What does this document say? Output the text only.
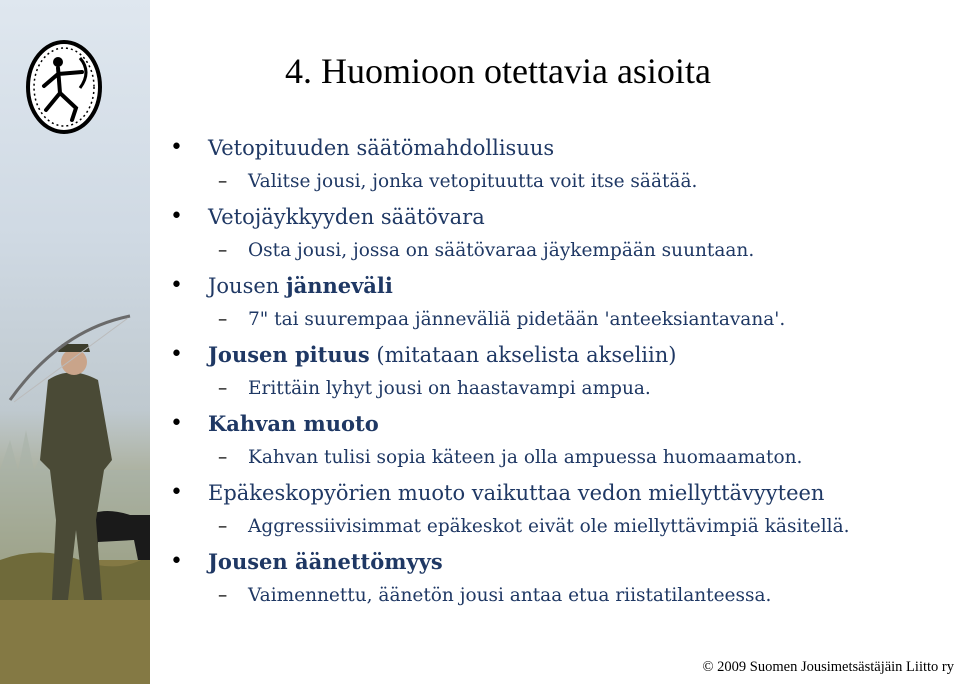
4. Huomioon otettavia asioita
• Vetopituuden säätömahdollisuus
– Valitse jousi, jonka vetopituutta voit itse säätää.
• Vetojäykkyyden säätövara
– Osta jousi, jossa on säätövaraa jäykempään suuntaan.
• Jousen jänneväli
– 7" tai suurempaa jänneväliä pidetään 'anteeksiantavana'.
• Jousen pituus (mitataan akselista akseliin)
– Erittäin lyhyt jousi on haastavampi ampua.
• Kahvan muoto
– Kahvan tulisi sopia käteen ja olla ampuessa huomaamaton.
• Epäkeskopyörien muoto vaikuttaa vedon miellyttävyyteen
– Aggressiivisimmat epäkeskot eivät ole miellyttävimpiä käsitellä.
• Jousen äänettömyys
– Vaimennettu, äänetön jousi antaa etua riistatilanteessa.
© 2009 Suomen Jousimetsästäjäin Liitto ry
